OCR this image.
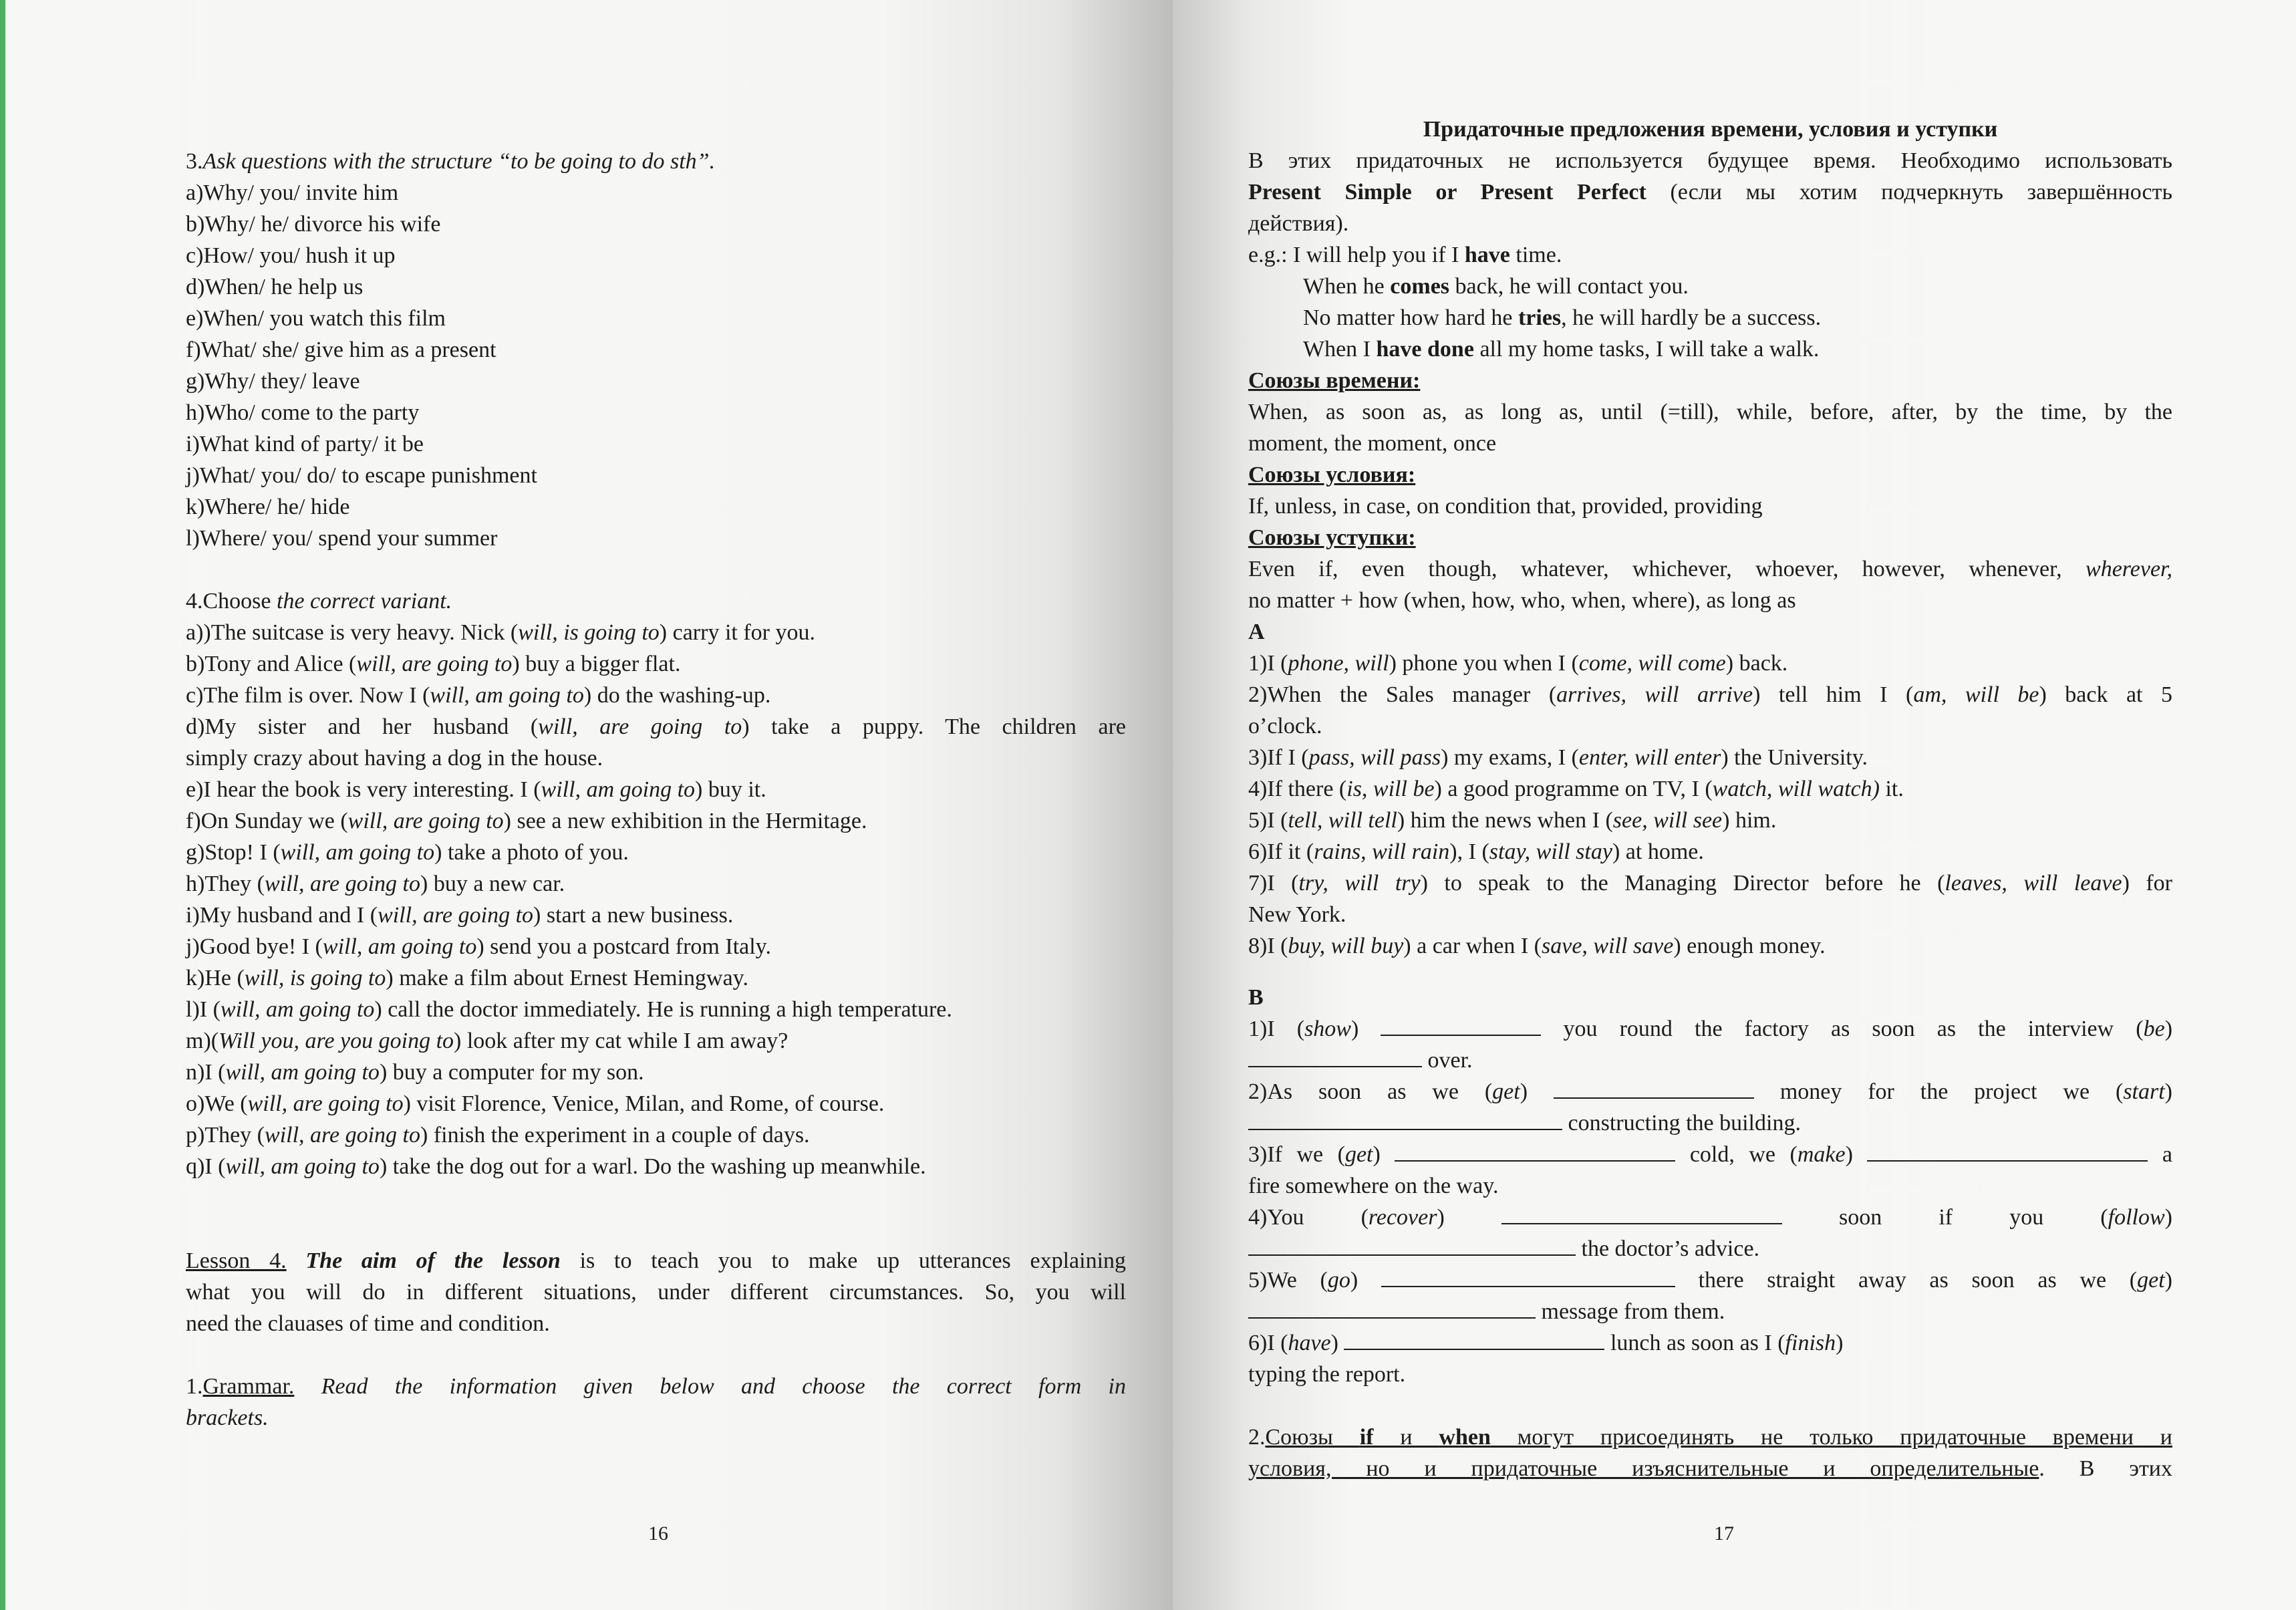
3.Ask questions with the structure “to be going to do sth”.
a)Why/ you/ invite him
b)Why/ he/ divorce his wife
c)How/ you/ hush it up
d)When/ he help us
e)When/ you watch this film
f)What/ she/ give him as a present
g)Why/ they/ leave
h)Who/ come to the party
i)What kind of party/ it be
j)What/ you/ do/ to escape punishment
k)Where/ he/ hide
l)Where/ you/ spend your summer
4.Choose the correct variant.
a))The suitcase is very heavy. Nick (will, is going to) carry it for you.
b)Tony and Alice (will, are going to) buy a bigger flat.
c)The film is over. Now I (will, am going to) do the washing-up.
d)My sister and her husband (will, are going to) take a puppy. The children are
simply crazy about having a dog in the house.
e)I hear the book is very interesting. I (will, am going to) buy it.
f)On Sunday we (will, are going to) see a new exhibition in the Hermitage.
g)Stop! I (will, am going to) take a photo of you.
h)They (will, are going to) buy a new car.
i)My husband and I (will, are going to) start a new business.
j)Good bye! I (will, am going to) send you a postcard from Italy.
k)He (will, is going to) make a film about Ernest Hemingway.
l)I (will, am going to) call the doctor immediately. He is running a high temperature.
m)(Will you, are you going to) look after my cat while I am away?
n)I (will, am going to) buy a computer for my son.
o)We (will, are going to) visit Florence, Venice, Milan, and Rome, of course.
p)They (will, are going to) finish the experiment in a couple of days.
q)I (will, am going to) take the dog out for a warl. Do the washing up meanwhile.
Lesson 4. The aim of the lesson is to teach you to make up utterances explaining
what you will do in different situations, under different circumstances. So, you will
need the clauases of time and condition.
1.Grammar. Read the information given below and choose the correct form in
brackets.
16
Придаточные предложения времени, условия и уступки
В этих придаточных не используется будущее время. Необходимо использовать
Present Simple or Present Perfect (если мы хотим подчеркнуть завершённость
действия).
e.g.: I will help you if I have time.
When he comes back, he will contact you.
No matter how hard he tries, he will hardly be a success.
When I have done all my home tasks, I will take a walk.
Союзы времени:
When, as soon as, as long as, until (=till), while, before, after, by the time, by the
moment, the moment, once
Союзы условия:
If, unless, in case, on condition that, provided, providing
Союзы уступки:
Even if, even though, whatever, whichever, whoever, however, whenever, wherever,
no matter + how (when, how, who, when, where), as long as
A
1)I (phone, will) phone you when I (come, will come) back.
2)When the Sales manager (arrives, will arrive) tell him I (am, will be) back at 5
o’clock.
3)If I (pass, will pass) my exams, I (enter, will enter) the University.
4)If there (is, will be) a good programme on TV, I (watch, will watch) it.
5)I (tell, will tell) him the news when I (see, will see) him.
6)If it (rains, will rain), I (stay, will stay) at home.
7)I (try, will try) to speak to the Managing Director before he (leaves, will leave) for
New York.
8)I (buy, will buy) a car when I (save, will save) enough money.
B
1)I (show)	you round the factory as soon as the interview (be)
over.
2)As soon as we (get)	money for the project we (start)
constructing the building.
3)If we (get)	cold, we (make)	a
fire somewhere on the way.
4)You (recover)	soon if you (follow)
the doctor’s advice.
5)We (go)	there straight away as soon as we (get)
message from them.
6)I (have)	lunch as soon as I (finish)
typing the report.
2.Союзы if и when могут присоединять не только придаточные времени и
условия, но и придаточные изъяснительные и определительные. В этих
17
